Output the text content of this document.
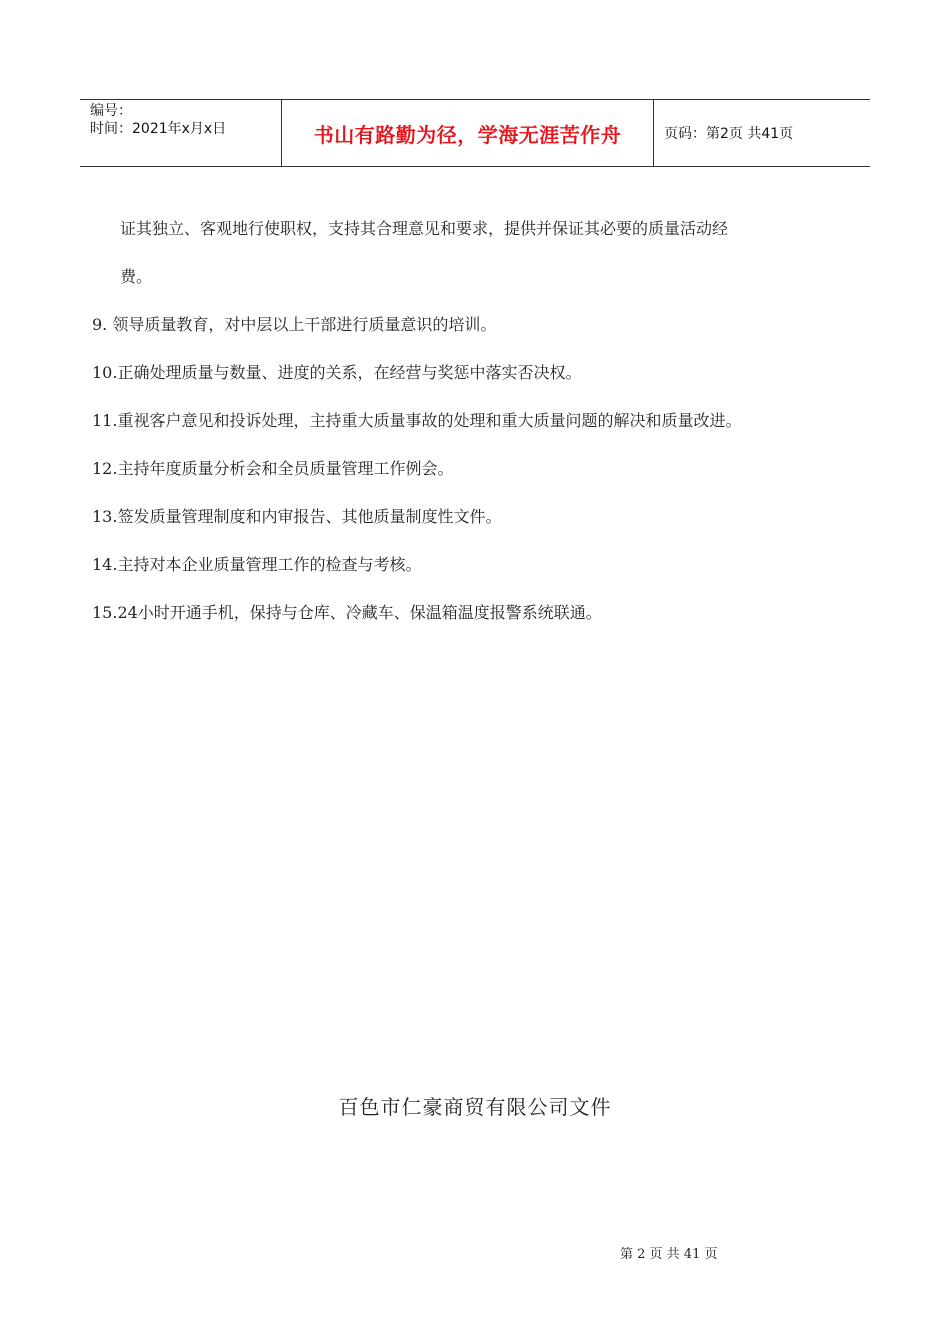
编号：
时间：2021年x月x日	书山有路勤为径，学海无涯苦作舟	页码：第2页 共41页

证其独立、客观地行使职权，支持其合理意见和要求，提供并保证其必要的质量活动经

费。

9. 领导质量教育，对中层以上干部进行质量意识的培训。

10.正确处理质量与数量、进度的关系，在经营与奖惩中落实否决权。

11.重视客户意见和投诉处理，主持重大质量事故的处理和重大质量问题的解决和质量改进。

12.主持年度质量分析会和全员质量管理工作例会。

13.签发质量管理制度和内审报告、其他质量制度性文件。

14.主持对本企业质量管理工作的检查与考核。

15.24小时开通手机，保持与仓库、冷藏车、保温箱温度报警系统联通。

百色市仁豪商贸有限公司文件
第 2 页 共 41 页
